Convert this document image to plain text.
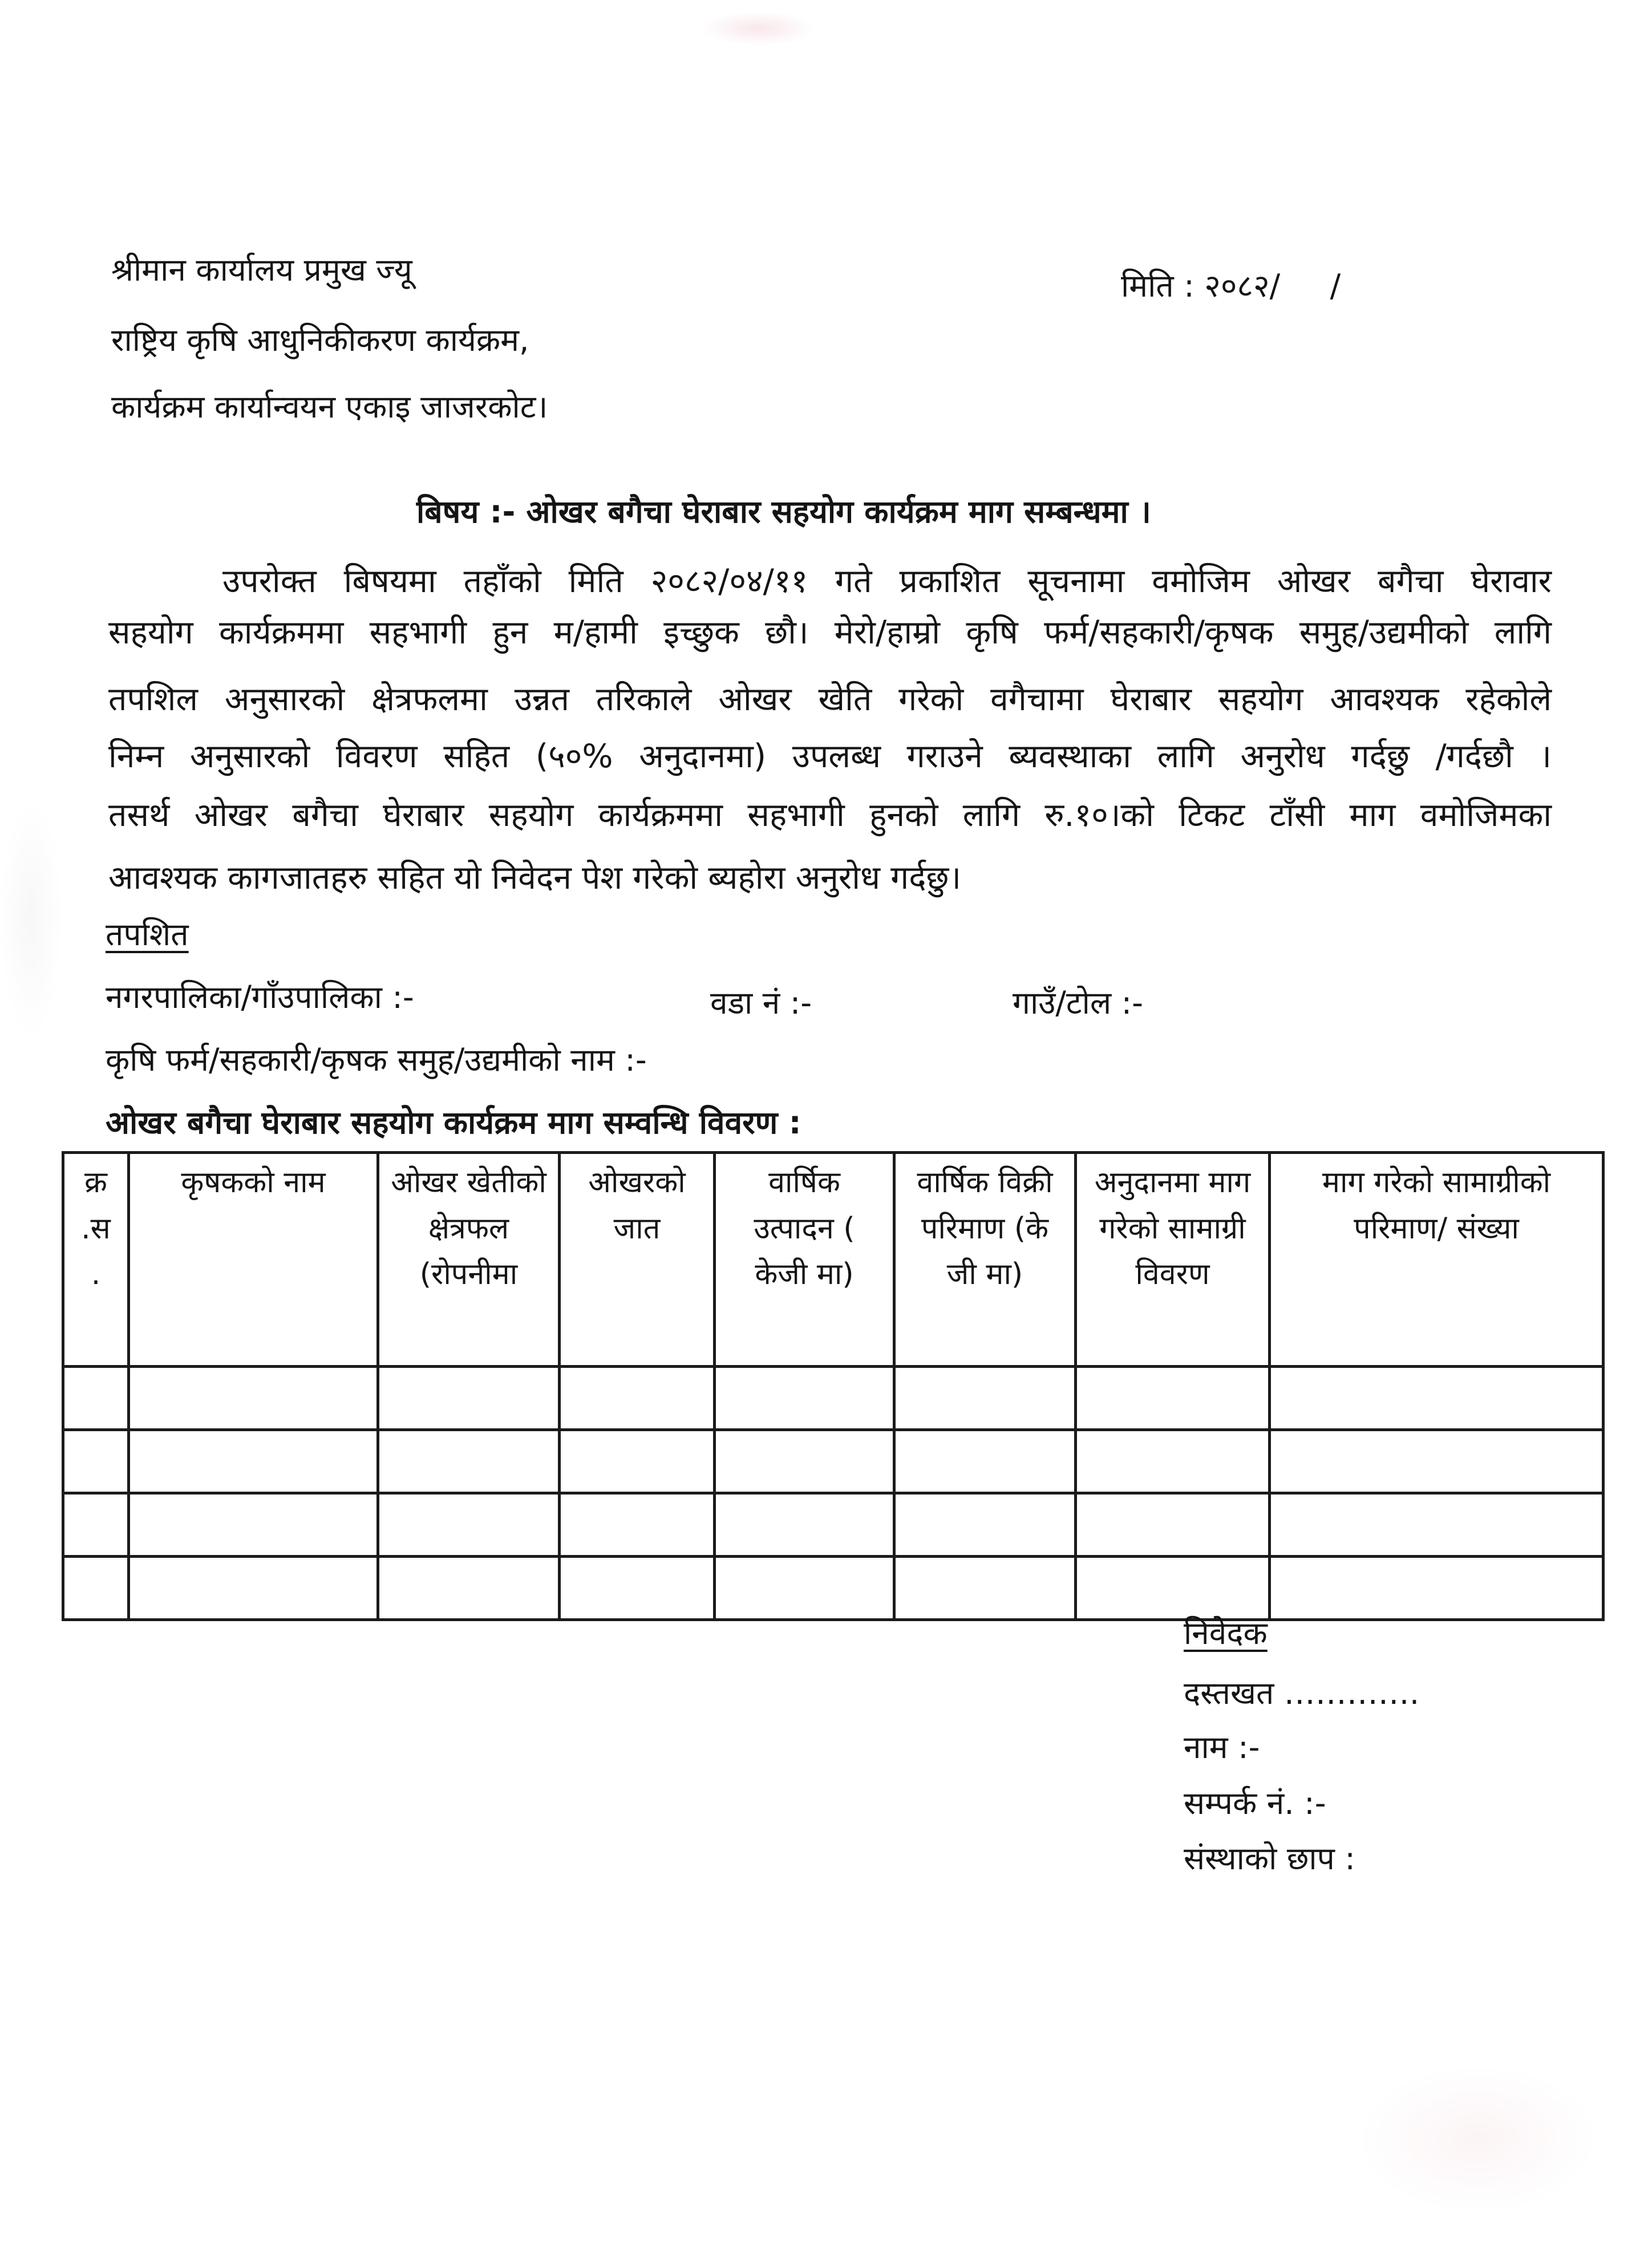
श्रीमान कार्यालय प्रमुख ज्यू
राष्ट्रिय कृषि आधुनिकीकरण कार्यक्रम,
कार्यक्रम कार्यान्वयन एकाइ जाजरकोट।
मिति : २०८२/     /
बिषय :- ओखर बगैचा घेराबार सहयोग कार्यक्रम माग सम्बन्धमा ।
उपरोक्त बिषयमा तहाँको मिति २०८२/०४/११ गते प्रकाशित सूचनामा वमोजिम ओखर बगैचा घेरावार
सहयोग कार्यक्रममा सहभागी हुन म/हामी इच्छुक छौ। मेरो/हाम्रो कृषि फर्म/सहकारी/कृषक समुह/उद्यमीको लागि
तपशिल अनुसारको क्षेत्रफलमा उन्नत तरिकाले ओखर खेति गरेको वगैचामा घेराबार सहयोग आवश्यक रहेकोले
निम्न अनुसारको विवरण सहित (५०% अनुदानमा) उपलब्ध गराउने ब्यवस्थाका लागि अनुरोध गर्दछु /गर्दछौ ।
तसर्थ ओखर बगैचा घेराबार सहयोग कार्यक्रममा सहभागी हुनको लागि रु.१०।को टिकट टाँसी माग वमोजिमका
आवश्यक कागजातहरु सहित यो निवेदन पेश गरेको ब्यहोरा अनुरोध गर्दछु।
तपशित
नगरपालिका/गाँउपालिका :-	वडा नं :-	गाउँ/टोल :-
कृषि फर्म/सहकारी/कृषक समुह/उद्यमीको नाम :-
ओखर बगैचा घेराबार सहयोग कार्यक्रम माग सम्वन्धि विवरण :
क्र .स .	कृषकको नाम	ओखर खेतीको क्षेत्रफल (रोपनीमा	ओखरको जात	वार्षिक उत्पादन ( केजी मा)	वार्षिक विक्री परिमाण (के जी मा)	अनुदानमा माग गरेको सामाग्री विवरण	माग गरेको सामाग्रीको परिमाण/ संख्या

निवेदक
दस्तखत ………….
नाम :-
सम्पर्क नं. :-
संस्थाको छाप :
